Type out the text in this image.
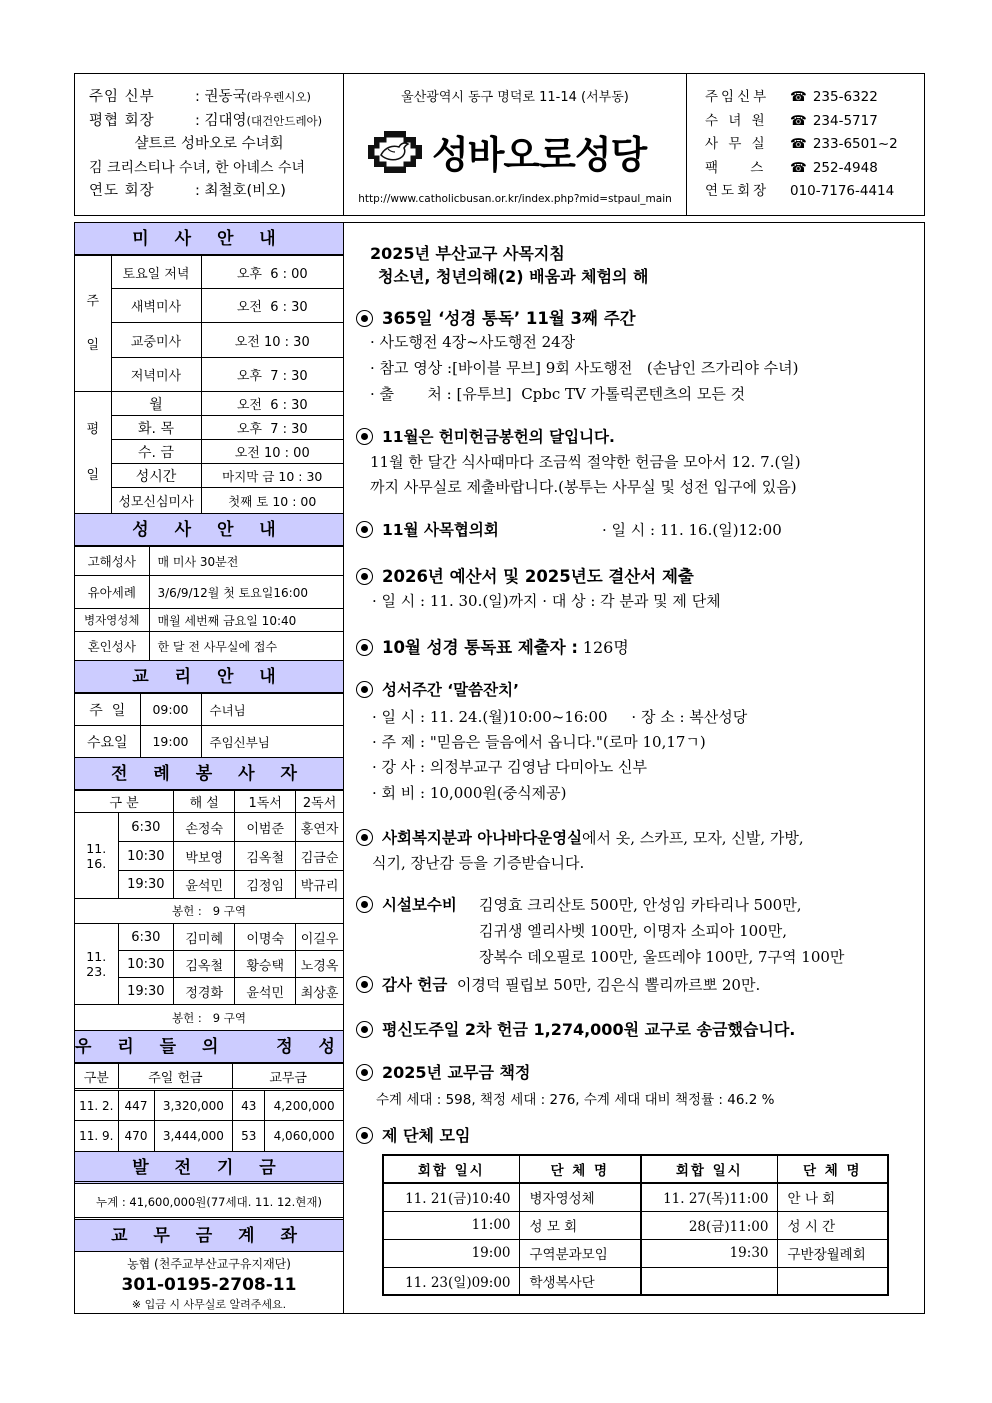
주임 신부	: 권동국(라우렌시오)
평협 회장	: 김대영(대건안드레아)
샬트르 성바오로 수녀회
김 크리스티나 수녀, 한 아녜스 수녀
연도 회장	: 최철호(비오)
울산광역시 동구 명덕로 11-14 (서부동)
성바오로성당
http://www.catholicbusan.or.kr/index.php?mid=stpaul_main
주임신부	☎ 235-6322
수 녀 원	☎ 234-5717
사 무 실	☎ 233-6501~2
팩    스	☎ 252-4948
연도회장	010-7176-4414
미 사 안 내
주
일	토요일 저녁	오후  6 : 00
	새벽미사	오전  6 : 30
	교중미사	오전 10 : 30
	저녁미사	오후  7 : 30
평
일	월	오전  6 : 30
	화. 목	오후  7 : 30
	수. 금	오전 10 : 00
	성시간	마지막 금 10 : 30
	성모신심미사	첫째 토 10 : 00
성 사 안 내
고해성사	매 미사 30분전
유아세례	3/6/9/12월 첫 토요일16:00
병자영성체	매월 세번째 금요일 10:40
혼인성사	한 달 전 사무실에 접수
교 리 안 내
주  일	09:00	수녀님
수요일	19:00	주임신부님
전 례 봉 사 자
구 분		해 설	1독서	2독서
11. 16.	6:30	손정숙	이범준	홍연자
	10:30	박보영	김옥철	김금순
	19:30	윤석민	김정임	박규리
봉헌 :   9 구역				
11. 23.	6:30	김미혜	이명숙	이길우
	10:30	김옥철	황승택	노경옥
	19:30	정경화	윤석민	최상훈
봉헌 :   9 구역				
우 리 들 의   정 성
구분	주일 헌금		교무금	
11. 2.	447	3,320,000	43	4,200,000
11. 9.	470	3,444,000	53	4,060,000
발 전 기 금
누계 : 41,600,000원(77세대. 11. 12.현재)
교 무 금 계 좌
농협 (천주교부산교구유지재단)
301-0195-2708-11
※ 입금 시 사무실로 알려주세요.
2025년 부산교구 사목지침
청소년, 청년의해(2) 배움과 체험의 해
365일 ‘성경 통독’ 11월 3째 주간
· 사도행전 4장~사도행전 24장
· 참고 영상 :[바이블 무브] 9회 사도행전   (손남인 즈가리야 수녀)
· 출       처 : [유투브]  Cpbc TV 가톨릭콘텐츠의 모든 것
11월은 헌미헌금봉헌의 달입니다.
11월 한 달간 식사때마다 조금씩 절약한 헌금을 모아서 12. 7.(일)
까지 사무실로 제출바랍니다.(봉투는 사무실 및 성전 입구에 있음)
11월 사목협의회	· 일 시 : 11. 16.(일)12:00
2026년 예산서 및 2025년도 결산서 제출
· 일 시 : 11. 30.(일)까지 · 대 상 : 각 분과 및 제 단체
10월 성경 통독표 제출자 : 126명
성서주간 ‘말씀잔치’
· 일 시 : 11. 24.(월)10:00~16:00     · 장 소 : 복산성당
· 주 제 : "믿음은 들음에서 옵니다."(로마 10,17ㄱ)
· 강 사 : 의정부교구 김영남 다미아노 신부
· 회 비 : 10,000원(중식제공)
사회복지분과 아나바다운영실에서 옷, 스카프, 모자, 신발, 가방,
식기, 장난감 등을 기증받습니다.
시설보수비 김영효 크리산토 500만, 안성임 카타리나 500만,
김귀생 엘리사벳 100만, 이명자 소피아 100만,
장복수 데오필로 100만, 울뜨레야 100만, 7구역 100만
감사 헌금 이경덕 필립보 50만, 김은식 뽈리까르뽀 20만.
평신도주일 2차 헌금 1,274,000원 교구로 송금했습니다.
2025년 교무금 책정
수계 세대 : 598, 책정 세대 : 276, 수계 세대 대비 책정률 : 46.2 %
제 단체 모임
회합 일시	단 체 명	회합 일시	단 체 명
11. 21(금)10:40	병자영성체	11. 27(목)11:00	안 나 회
11:00	성 모 회	28(금)11:00	성 시 간
19:00	구역분과모임	19:30	구반장월례회
11. 23(일)09:00	학생복사단		
